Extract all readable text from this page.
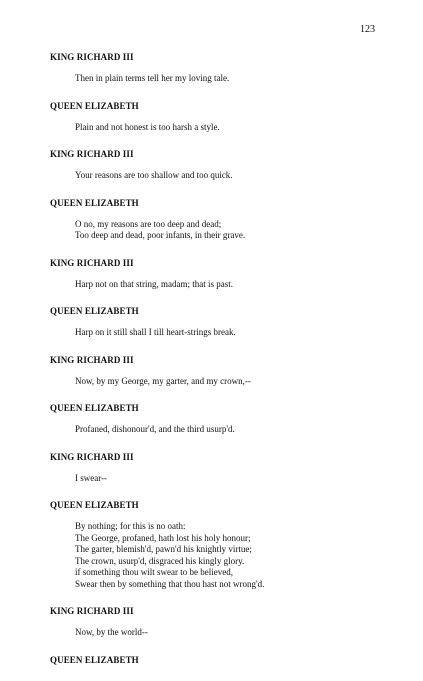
123
KING RICHARD III
Then in plain terms tell her my loving tale.
QUEEN ELIZABETH
Plain and not honest is too harsh a style.
KING RICHARD III
Your reasons are too shallow and too quick.
QUEEN ELIZABETH
O no, my reasons are too deep and dead;
Too deep and dead, poor infants, in their grave.
KING RICHARD III
Harp not on that string, madam; that is past.
QUEEN ELIZABETH
Harp on it still shall I till heart-strings break.
KING RICHARD III
Now, by my George, my garter, and my crown,--
QUEEN ELIZABETH
Profaned, dishonour'd, and the third usurp'd.
KING RICHARD III
I swear--
QUEEN ELIZABETH
By nothing; for this is no oath:
The George, profaned, hath lost his holy honour;
The garter, blemish'd, pawn'd his knightly virtue;
The crown, usurp'd, disgraced his kingly glory.
if something thou wilt swear to be believed,
Swear then by something that thou hast not wrong'd.
KING RICHARD III
Now, by the world--
QUEEN ELIZABETH
